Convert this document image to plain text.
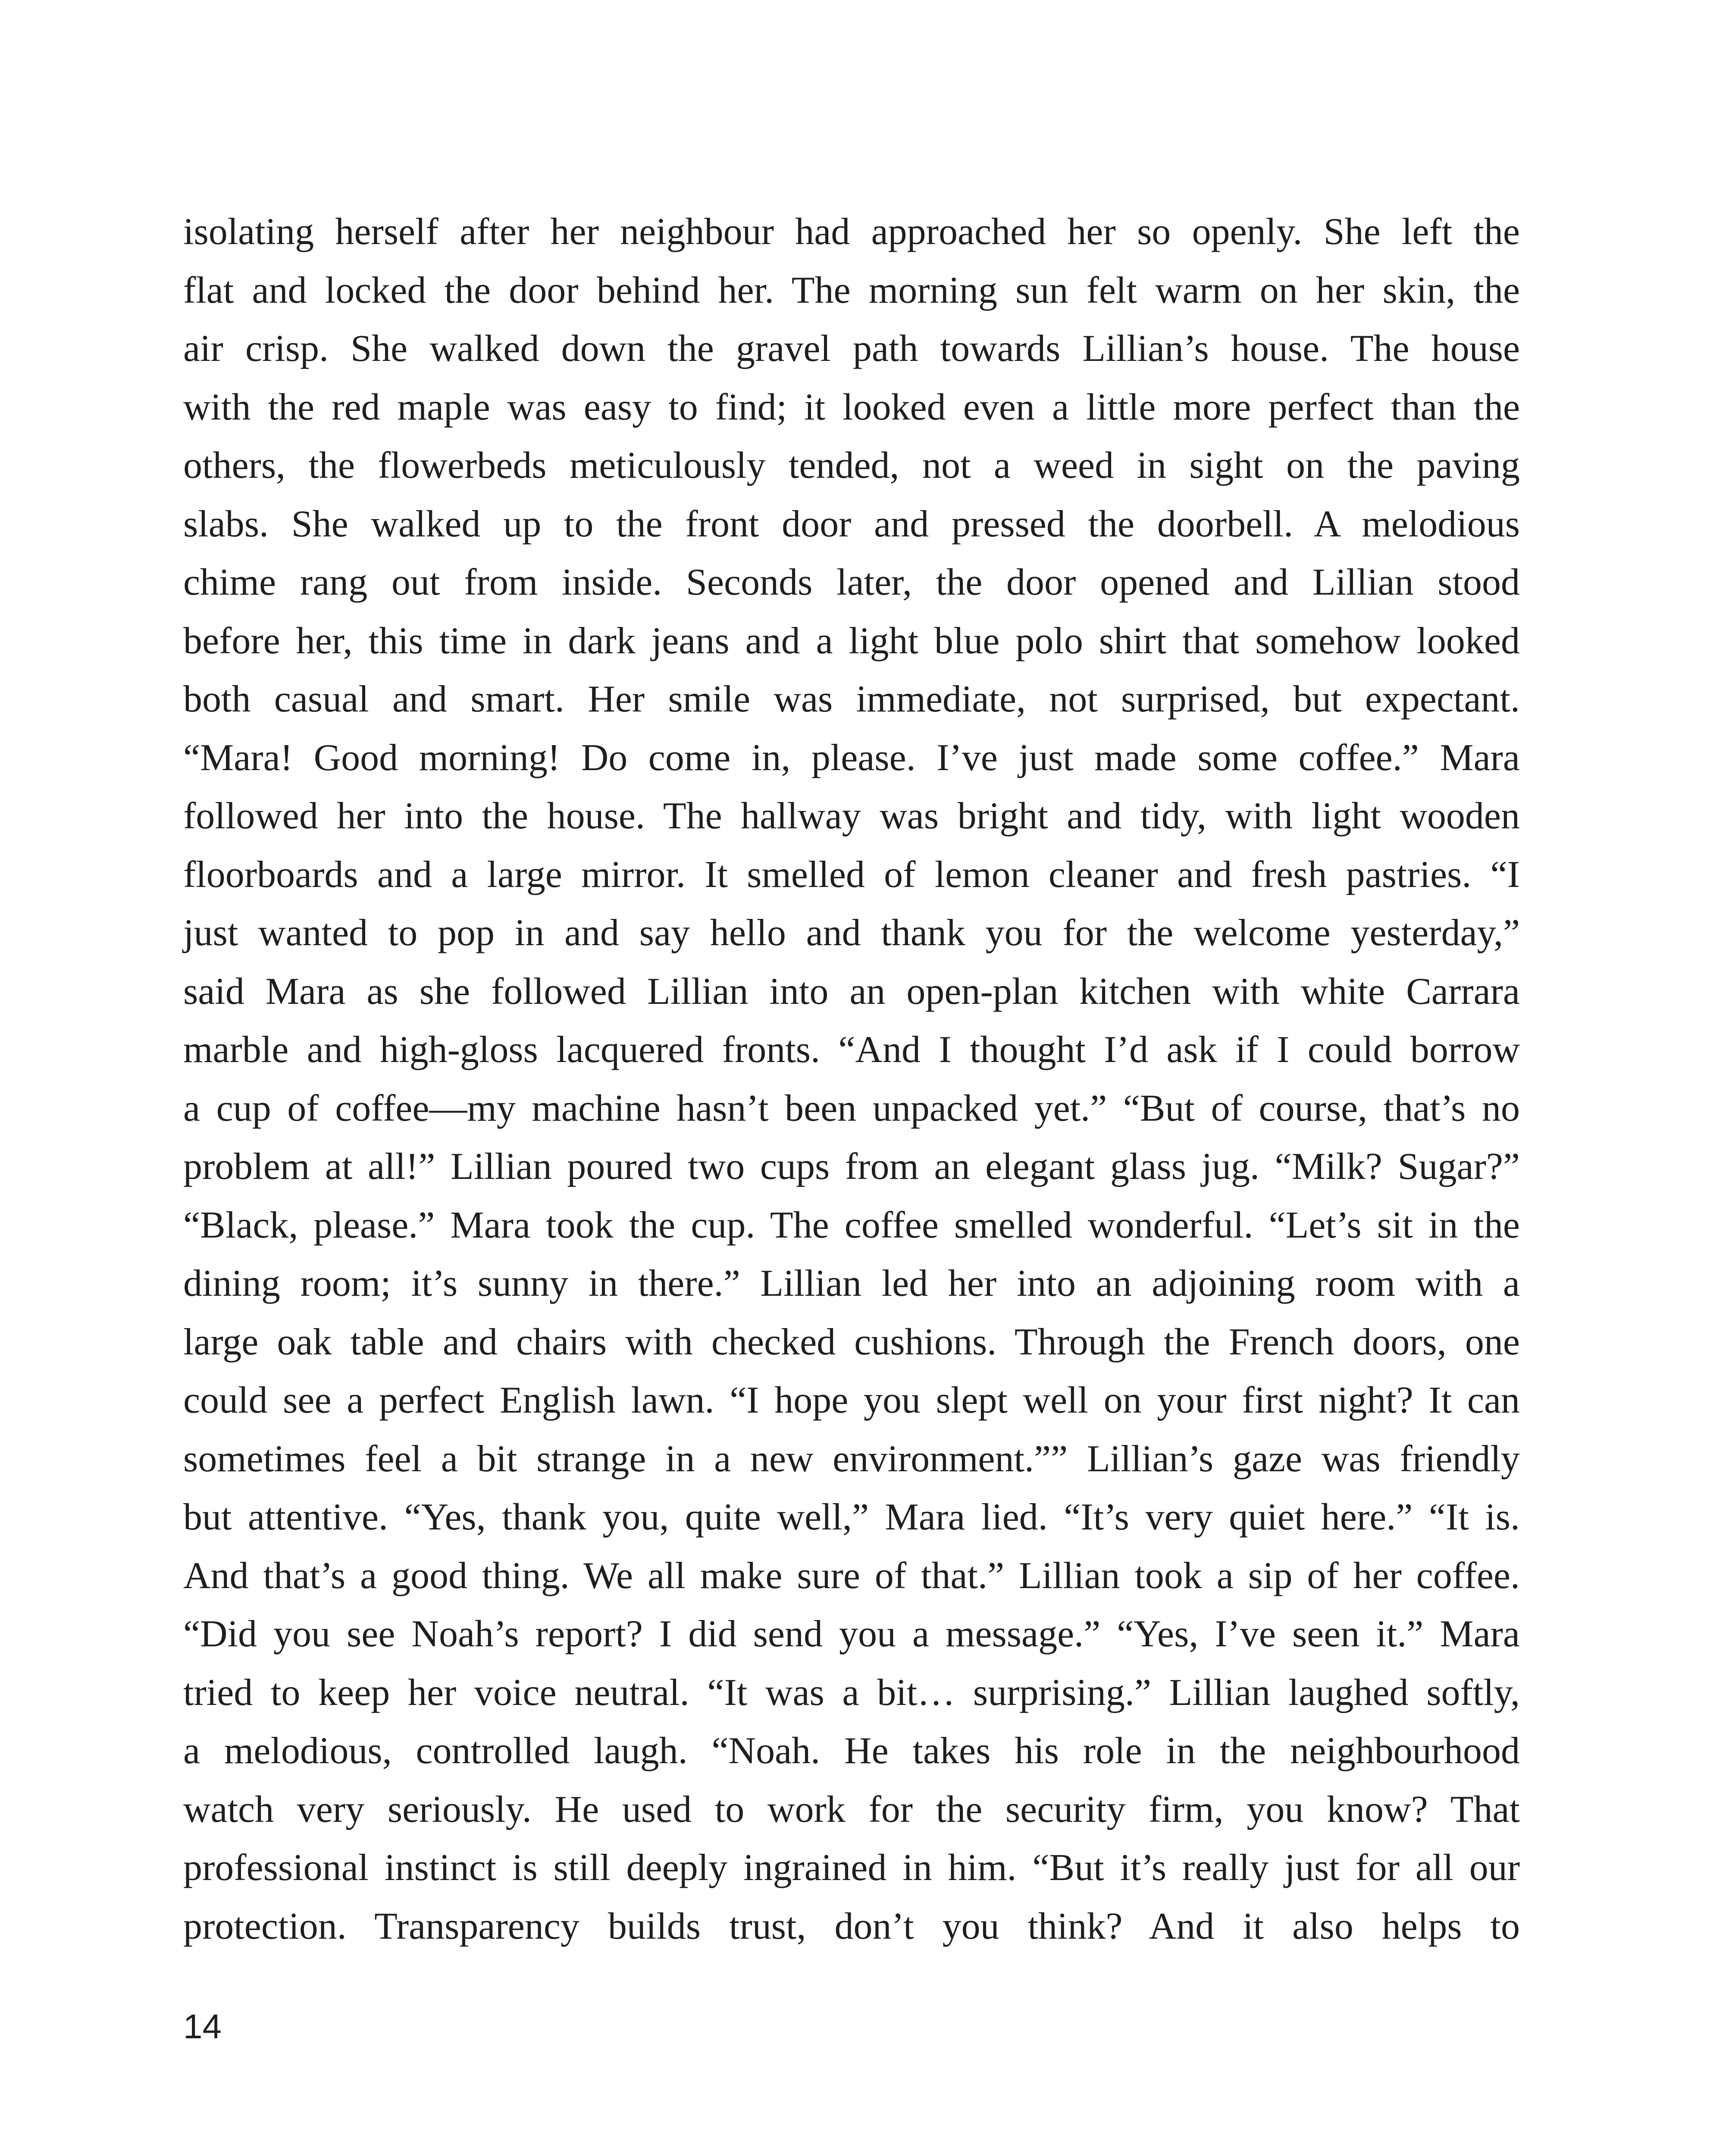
isolating herself after her neighbour had approached her so openly. She left the
flat and locked the door behind her. The morning sun felt warm on her skin, the
air crisp. She walked down the gravel path towards Lillian’s house. The house
with the red maple was easy to find; it looked even a little more perfect than the
others, the flowerbeds meticulously tended, not a weed in sight on the paving
slabs. She walked up to the front door and pressed the doorbell. A melodious
chime rang out from inside. Seconds later, the door opened and Lillian stood
before her, this time in dark jeans and a light blue polo shirt that somehow looked
both casual and smart. Her smile was immediate, not surprised, but expectant.
“Mara! Good morning! Do come in, please. I’ve just made some coffee.” Mara
followed her into the house. The hallway was bright and tidy, with light wooden
floorboards and a large mirror. It smelled of lemon cleaner and fresh pastries. “I
just wanted to pop in and say hello and thank you for the welcome yesterday,”
said Mara as she followed Lillian into an open-plan kitchen with white Carrara
marble and high-gloss lacquered fronts. “And I thought I’d ask if I could borrow
a cup of coffee—my machine hasn’t been unpacked yet.” “But of course, that’s no
problem at all!” Lillian poured two cups from an elegant glass jug. “Milk? Sugar?”
“Black, please.” Mara took the cup. The coffee smelled wonderful. “Let’s sit in the
dining room; it’s sunny in there.” Lillian led her into an adjoining room with a
large oak table and chairs with checked cushions. Through the French doors, one
could see a perfect English lawn. “I hope you slept well on your first night? It can
sometimes feel a bit strange in a new environment.”” Lillian’s gaze was friendly
but attentive. “Yes, thank you, quite well,” Mara lied. “It’s very quiet here.” “It is.
And that’s a good thing. We all make sure of that.” Lillian took a sip of her coffee.
“Did you see Noah’s report? I did send you a message.” “Yes, I’ve seen it.” Mara
tried to keep her voice neutral. “It was a bit… surprising.” Lillian laughed softly,
a melodious, controlled laugh. “Noah. He takes his role in the neighbourhood
watch very seriously. He used to work for the security firm, you know? That
professional instinct is still deeply ingrained in him. “But it’s really just for all our
protection. Transparency builds trust, don’t you think? And it also helps to

14
